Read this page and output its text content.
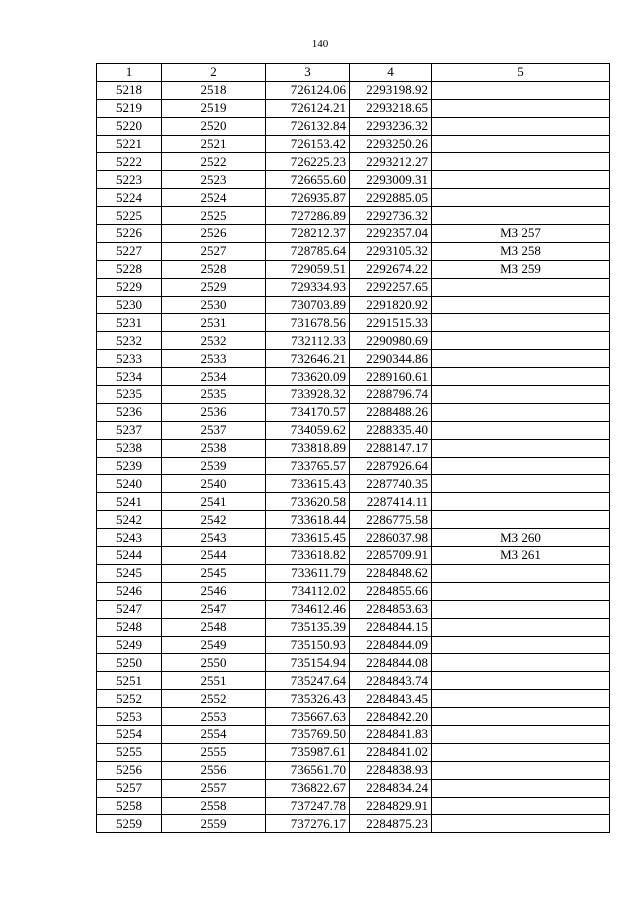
140
1	2	3	4	5
5218	2518	726124.06	2293198.92	
5219	2519	726124.21	2293218.65	
5220	2520	726132.84	2293236.32	
5221	2521	726153.42	2293250.26	
5222	2522	726225.23	2293212.27	
5223	2523	726655.60	2293009.31	
5224	2524	726935.87	2292885.05	
5225	2525	727286.89	2292736.32	
5226	2526	728212.37	2292357.04	МЗ 257
5227	2527	728785.64	2293105.32	МЗ 258
5228	2528	729059.51	2292674.22	МЗ 259
5229	2529	729334.93	2292257.65	
5230	2530	730703.89	2291820.92	
5231	2531	731678.56	2291515.33	
5232	2532	732112.33	2290980.69	
5233	2533	732646.21	2290344.86	
5234	2534	733620.09	2289160.61	
5235	2535	733928.32	2288796.74	
5236	2536	734170.57	2288488.26	
5237	2537	734059.62	2288335.40	
5238	2538	733818.89	2288147.17	
5239	2539	733765.57	2287926.64	
5240	2540	733615.43	2287740.35	
5241	2541	733620.58	2287414.11	
5242	2542	733618.44	2286775.58	
5243	2543	733615.45	2286037.98	МЗ 260
5244	2544	733618.82	2285709.91	МЗ 261
5245	2545	733611.79	2284848.62	
5246	2546	734112.02	2284855.66	
5247	2547	734612.46	2284853.63	
5248	2548	735135.39	2284844.15	
5249	2549	735150.93	2284844.09	
5250	2550	735154.94	2284844.08	
5251	2551	735247.64	2284843.74	
5252	2552	735326.43	2284843.45	
5253	2553	735667.63	2284842.20	
5254	2554	735769.50	2284841.83	
5255	2555	735987.61	2284841.02	
5256	2556	736561.70	2284838.93	
5257	2557	736822.67	2284834.24	
5258	2558	737247.78	2284829.91	
5259	2559	737276.17	2284875.23	
